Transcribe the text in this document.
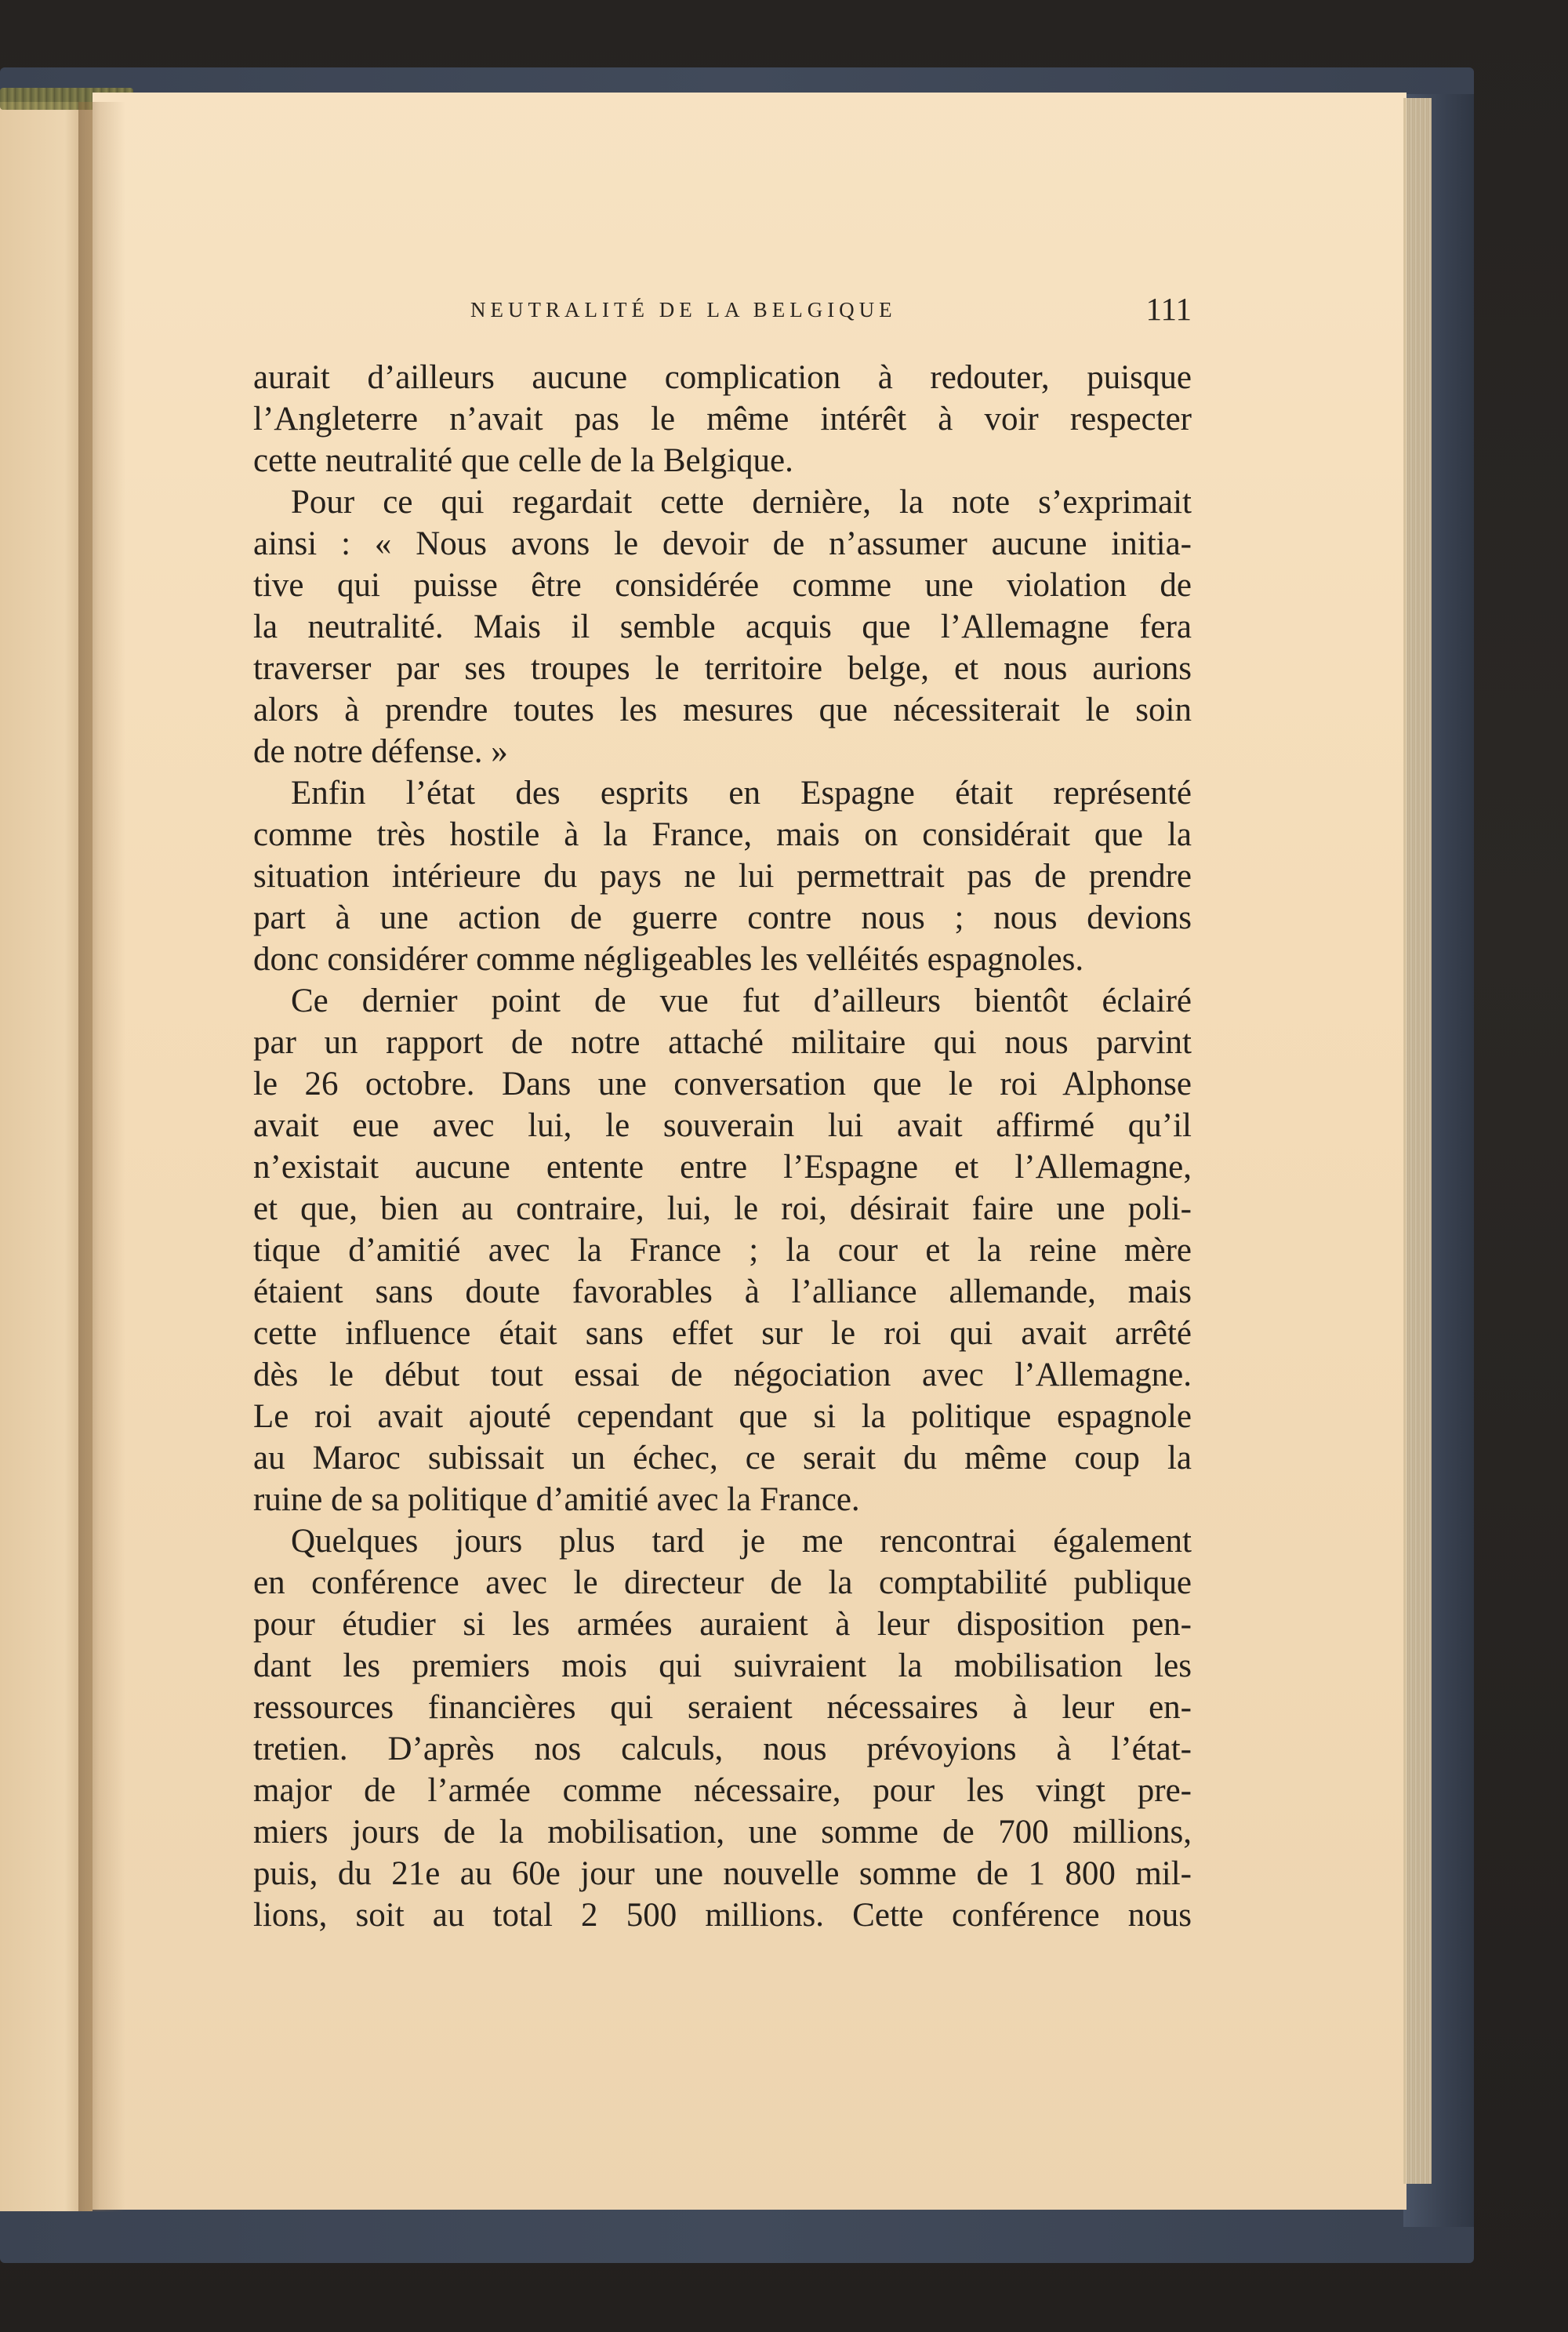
NEUTRALITÉ DE LA BELGIQUE	111
aurait d’ailleurs aucune complication à redouter, puisque
l’Angleterre n’avait pas le même intérêt à voir respecter
cette neutralité que celle de la Belgique.
Pour ce qui regardait cette dernière, la note s’exprimait
ainsi : « Nous avons le devoir de n’assumer aucune initia-
tive qui puisse être considérée comme une violation de
la neutralité. Mais il semble acquis que l’Allemagne fera
traverser par ses troupes le territoire belge, et nous aurions
alors à prendre toutes les mesures que nécessiterait le soin
de notre défense. »
Enfin l’état des esprits en Espagne était représenté
comme très hostile à la France, mais on considérait que la
situation intérieure du pays ne lui permettrait pas de prendre
part à une action de guerre contre nous ; nous devions
donc considérer comme négligeables les velléités espagnoles.
Ce dernier point de vue fut d’ailleurs bientôt éclairé
par un rapport de notre attaché militaire qui nous parvint
le 26 octobre. Dans une conversation que le roi Alphonse
avait eue avec lui, le souverain lui avait affirmé qu’il
n’existait aucune entente entre l’Espagne et l’Allemagne,
et que, bien au contraire, lui, le roi, désirait faire une poli-
tique d’amitié avec la France ; la cour et la reine mère
étaient sans doute favorables à l’alliance allemande, mais
cette influence était sans effet sur le roi qui avait arrêté
dès le début tout essai de négociation avec l’Allemagne.
Le roi avait ajouté cependant que si la politique espagnole
au Maroc subissait un échec, ce serait du même coup la
ruine de sa politique d’amitié avec la France.
Quelques jours plus tard je me rencontrai également
en conférence avec le directeur de la comptabilité publique
pour étudier si les armées auraient à leur disposition pen-
dant les premiers mois qui suivraient la mobilisation les
ressources financières qui seraient nécessaires à leur en-
tretien. D’après nos calculs, nous prévoyions à l’état-
major de l’armée comme nécessaire, pour les vingt pre-
miers jours de la mobilisation, une somme de 700 millions,
puis, du 21e au 60e jour une nouvelle somme de 1 800 mil-
lions, soit au total 2 500 millions. Cette conférence nous
